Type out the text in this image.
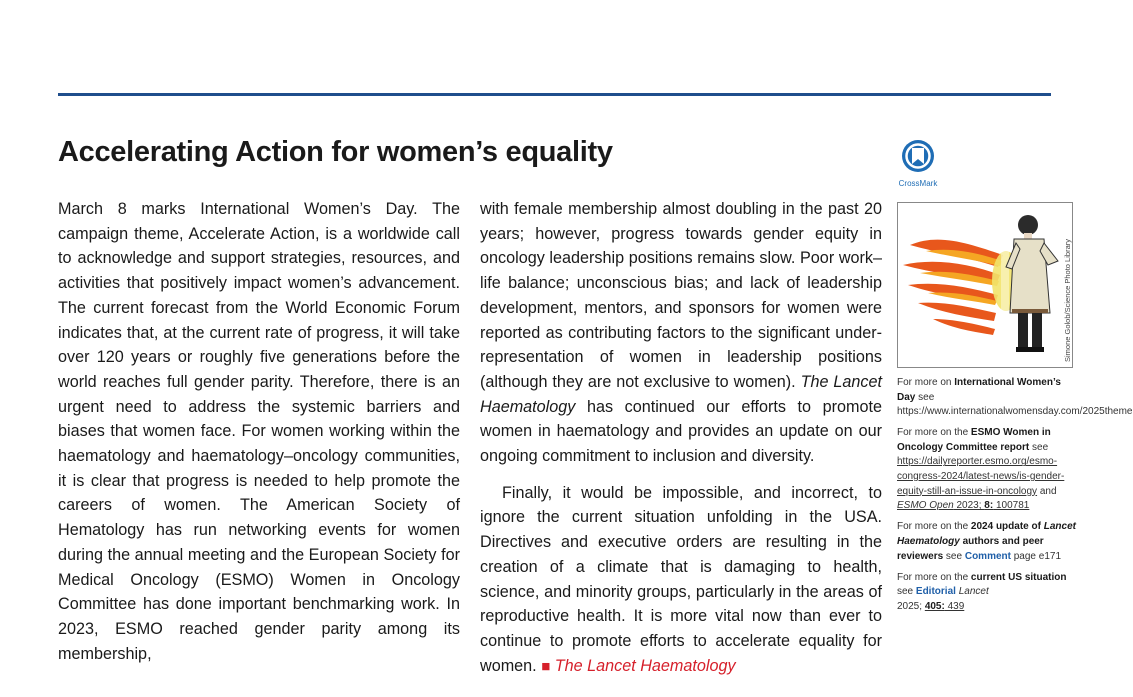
Accelerating Action for women’s equality
CrossMark

March 8 marks International Women’s Day. The campaign theme, Accelerate Action, is a worldwide call to acknowledge and support strategies, resources, and activities that positively impact women’s advancement. The current forecast from the World Economic Forum indicates that, at the current rate of progress, it will take over 120 years or roughly five generations before the world reaches full gender parity. Therefore, there is an urgent need to address the systemic barriers and biases that women face. For women working within the haematology and haematology–oncology communities, it is clear that progress is needed to help promote the careers of women. The American Society of Hematology has run networking events for women during the annual meeting and the European Society for Medical Oncology (ESMO) Women in Oncology Committee has done important benchmarking work. In 2023, ESMO reached gender parity among its membership,

with female membership almost doubling in the past 20 years; however, progress towards gender equity in oncology leadership positions remains slow. Poor work–life balance; unconscious bias; and lack of leadership development, mentors, and sponsors for women were reported as contributing factors to the significant under-representation of women in leadership positions (although they are not exclusive to women). The Lancet Haematology has continued our efforts to promote women in haematology and provides an update on our ongoing commitment to inclusion and diversity.

Finally, it would be impossible, and incorrect, to ignore the current situation unfolding in the USA. Directives and executive orders are resulting in the creation of a climate that is damaging to health, science, and minority groups, particularly in the areas of reproductive health. It is more vital now than ever to continue to promote efforts to accelerate equality for women. ■ The Lancet Haematology

Simone Golob/Science Photo Library

For more on International Women’s Day see https://www.internationalwomensday.com/2025theme

For more on the ESMO Women in Oncology Committee report see https://dailyreporter.esmo.org/esmo-congress-2024/latest-news/is-gender-equity-still-an-issue-in-oncology and ESMO Open 2023; 8: 100781

For more on the 2024 update of Lancet Haematology authors and peer reviewers see Comment page e171

For more on the current US situation see Editorial Lancet
2025; 405: 439
